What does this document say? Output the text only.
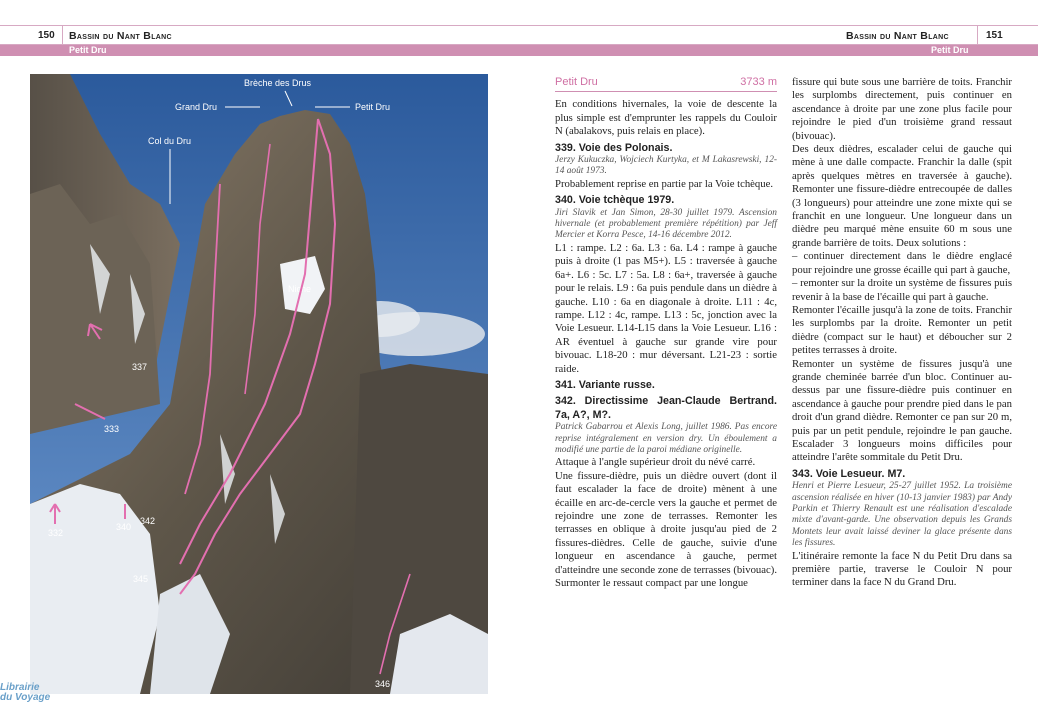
150 Bassin du Nant Blanc	Bassin du Nant Blanc	151
Petit Dru	Petit Dru
Niche
Brèche des Drus
Grand Dru	Petit Dru
Col du Dru
337
333
332
340
342
345
346
Librairie
du Voyage
Petit Dru	3733 m

En conditions hivernales, la voie de descente la plus simple est d'emprunter les rappels du Couloir N (abalakovs, puis relais en place).

339. Voie des Polonais.

Jerzy Kukuczka, Wojciech Kurtyka, et M Lakasrewski, 12-14 août 1973.

Probablement reprise en partie par la Voie tchèque.

340. Voie tchèque 1979.

Jiri Slavik et Jan Simon, 28-30 juillet 1979. Ascension hivernale (et probablement première répétition) par Jeff Mercier et Korra Pesce, 14-16 décembre 2012.

L1 : rampe. L2 : 6a. L3 : 6a. L4 : rampe à gauche puis à droite (1 pas M5+). L5 : traversée à gauche 6a+. L6 : 5c. L7 : 5a. L8 : 6a+, traversée à gauche pour le relais. L9 : 6a puis pendule dans un dièdre à gauche. L10 : 6a en diagonale à droite. L11 : 4c, rampe. L12 : 4c, rampe. L13 : 5c, jonction avec la Voie Lesueur. L14-L15 dans la Voie Lesueur. L16 : AR éventuel à gauche sur grande vire pour bivouac. L18-20 : mur déversant. L21-23 : sortie raide.

341. Variante russe.
342. Directissime Jean-Claude Bertrand. 7a, A?, M?.

Patrick Gabarrou et Alexis Long, juillet 1986. Pas encore reprise intégralement en version dry. Un éboulement a modifié une partie de la paroi médiane originelle.

Attaque à l'angle supérieur droit du névé carré.

Une fissure-dièdre, puis un dièdre ouvert (dont il faut escalader la face de droite) mènent à une écaille en arc-de-cercle vers la gauche et permet de rejoindre une zone de terrasses. Remonter les terrasses en oblique à droite jusqu'au pied de 2 fissures-dièdres. Celle de gauche, suivie d'une longueur en ascendance à gauche, permet d'atteindre une seconde zone de terrasses (bivouac). Surmonter le ressaut compact par une longue

fissure qui bute sous une barrière de toits. Franchir les surplombs directement, puis continuer en ascendance à droite par une zone plus facile pour rejoindre le pied d'un troisième grand ressaut (bivouac).

Des deux dièdres, escalader celui de gauche qui mène à une dalle compacte. Franchir la dalle (spit après quelques mètres en traversée à gauche). Remonter une fissure-dièdre entrecoupée de dalles (3 longueurs) pour atteindre une zone mixte qui se franchit en une longueur. Une longueur dans un dièdre peu marqué mène ensuite 60 m sous une grande barrière de toits. Deux solutions :

– continuer directement dans le dièdre englacé pour rejoindre une grosse écaille qui part à gauche,

– remonter sur la droite un système de fissures puis revenir à la base de l'écaille qui part à gauche.

Remonter l'écaille jusqu'à la zone de toits. Franchir les surplombs par la droite. Remonter un petit dièdre (compact sur le haut) et déboucher sur 2 petites terrasses à droite.

Remonter un système de fissures jusqu'à une grande cheminée barrée d'un bloc. Continuer au-dessus par une fissure-dièdre puis continuer en ascendance à gauche pour prendre pied dans le pan droit d'un grand dièdre. Remonter ce pan sur 20 m, puis par un petit pendule, rejoindre le pan gauche. Escalader 3 longueurs moins difficiles pour atteindre l'arête sommitale du Petit Dru.

343. Voie Lesueur. M7.

Henri et Pierre Lesueur, 25-27 juillet 1952. La troisième ascension réalisée en hiver (10-13 janvier 1983) par Andy Parkin et Thierry Renault est une réalisation d'escalade mixte d'avant-garde. Une observation depuis les Grands Montets leur avait laissé deviner la glace présente dans les fissures.

L'itinéraire remonte la face N du Petit Dru dans sa première partie, traverse le Couloir N pour terminer dans la face N du Grand Dru.
